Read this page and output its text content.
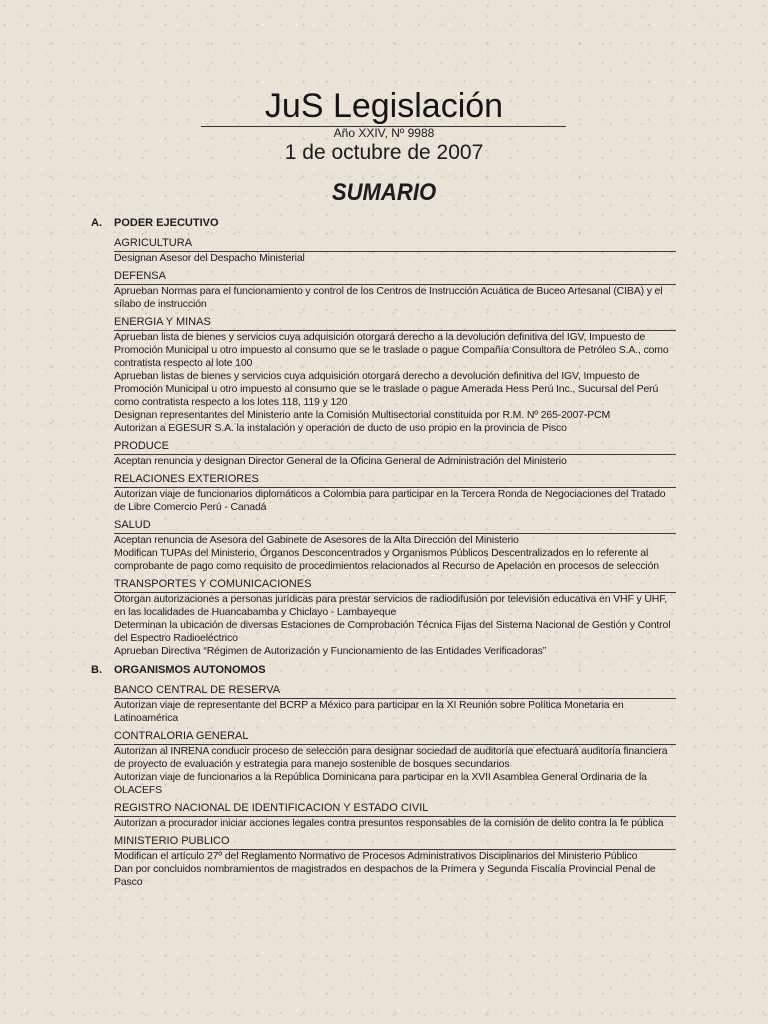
JuS Legislación
Año XXIV, Nº 9988
1 de octubre de 2007
SUMARIO
A. PODER EJECUTIVO
AGRICULTURA
Designan Asesor del Despacho Ministerial
DEFENSA
Aprueban Normas para el funcionamiento y control de los Centros de Instrucción Acuática de Buceo Artesanal (CIBA) y el sílabo de instrucción
ENERGIA Y MINAS
Aprueban lista de bienes y servicios cuya adquisición otorgará derecho a la devolución definitiva del IGV, Impuesto de Promoción Municipal u otro impuesto al consumo que se le traslade o pague Compañía Consultora de Petróleo S.A., como contratista respecto al lote 100
Aprueban listas de bienes y servicios cuya adquisición otorgará derecho a devolución definitiva del IGV, Impuesto de Promoción Municipal u otro impuesto al consumo que se le traslade o pague Amerada Hess Perú Inc., Sucursal del Perú como contratista respecto a los lotes 118, 119 y 120
Designan representantes del Ministerio ante la Comisión Multisectorial constituida por R.M. Nº 265-2007-PCM
Autorizan a EGESUR S.A. la instalación y operación de ducto de uso propio en la provincia de Pisco
PRODUCE
Aceptan renuncia y designan Director General de la Oficina General de Administración del Ministerio
RELACIONES EXTERIORES
Autorizan viaje de funcionarios diplomáticos a Colombia para participar en la Tercera Ronda de Negociaciones del Tratado de Libre Comercio Perú - Canadá
SALUD
Aceptan renuncia de Asesora del Gabinete de Asesores de la Alta Dirección del Ministerio
Modifican TUPAs del Ministerio, Órganos Desconcentrados y Organismos Públicos Descentralizados en lo referente al comprobante de pago como requisito de procedimientos relacionados al Recurso de Apelación en procesos de selección
TRANSPORTES Y COMUNICACIONES
Otorgan autorizaciones a personas jurídicas para prestar servicios de radiodifusión por televisión educativa en VHF y UHF, en las localidades de Huancabamba y Chiclayo - Lambayeque
Determinan la ubicación de diversas Estaciones de Comprobación Técnica Fijas del Sistema Nacional de Gestión y Control del Espectro Radioeléctrico
Aprueban Directiva “Régimen de Autorización y Funcionamiento de las Entidades Verificadoras”
B. ORGANISMOS AUTONOMOS
BANCO CENTRAL DE RESERVA
Autorizan viaje de representante del BCRP a México para participar en la XI Reunión sobre Política Monetaria en Latinoamérica
CONTRALORIA GENERAL
Autorizan al INRENA conducir proceso de selección para designar sociedad de auditoría que efectuará auditoría financiera de proyecto de evaluación y estrategia para manejo sostenible de bosques secundarios
Autorizan viaje de funcionarios a la República Dominicana para participar en la XVII Asamblea General Ordinaria de la OLACEFS
REGISTRO NACIONAL DE IDENTIFICACION Y ESTADO CIVIL
Autorizan a procurador iniciar acciones legales contra presuntos responsables de la comisión de delito contra la fe pública
MINISTERIO PUBLICO
Modifican el artículo 27º del Reglamento Normativo de Procesos Administrativos Disciplinarios del Ministerio Público
Dan por concluidos nombramientos de magistrados en despachos de la Primera y Segunda Fiscalía Provincial Penal de Pasco
